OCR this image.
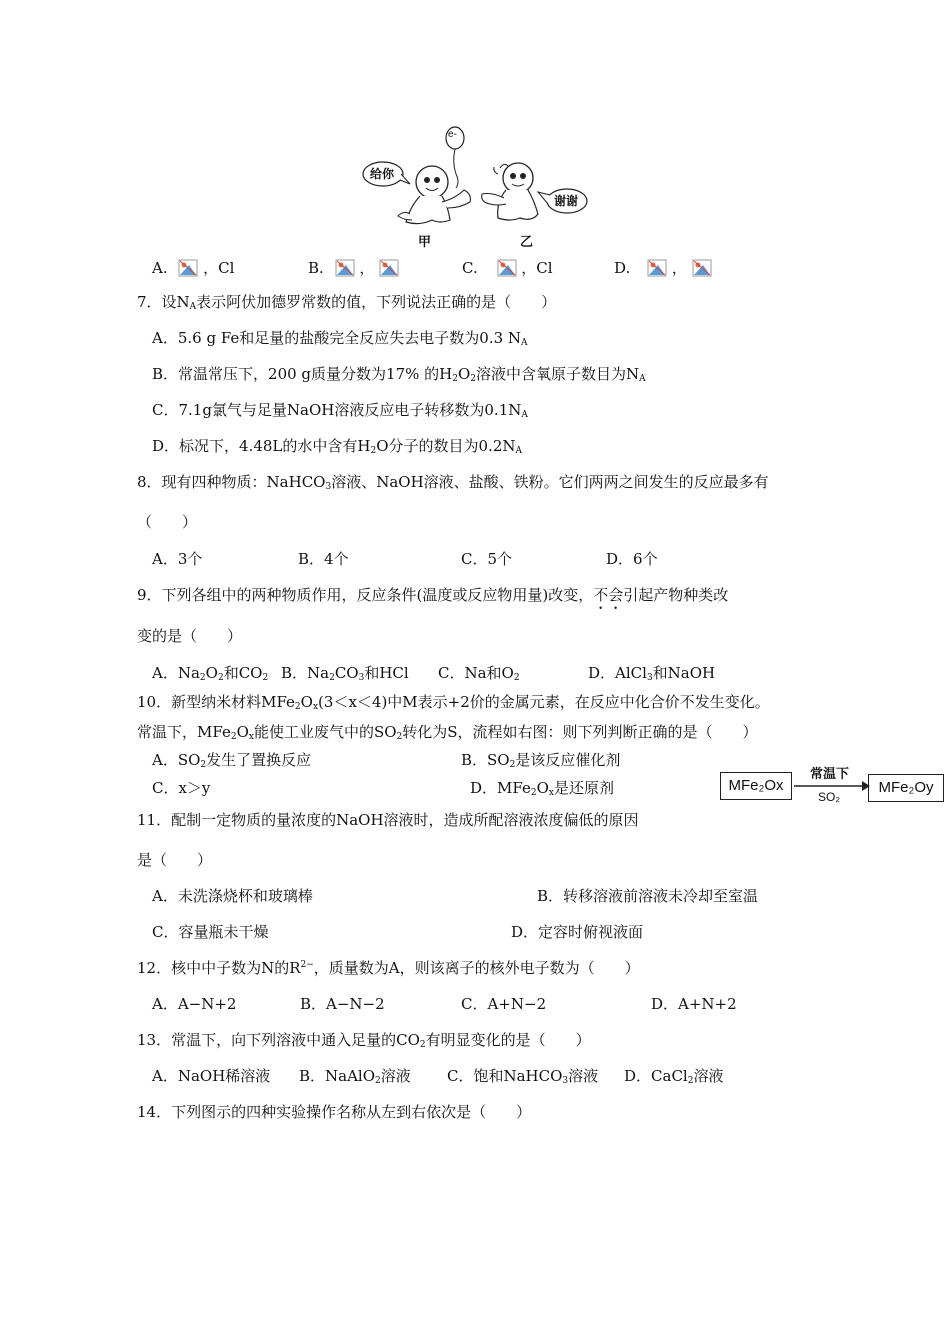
e-
给你
谢谢
甲	乙
A. ，Cl	B. ，	C.	，Cl	D.	，
7．设$N_A$表示阿伏加德罗常数的值，下列说法正确的是（　　）
A．5.6 g Fe和足量的盐酸完全反应失去电子数为0.3 $N_A$
B．常温常压下，200 g质量分数为17% 的$H_2O_2$溶液中含氧原子数目为$N_A$
C．7.1g氯气与足量NaOH溶液反应电子转移数为$0.1N_A$
D．标况下，4.48L的水中含有$H_2O$分子的数目为$0.2N_A$
8．现有四种物质：NaHCO$_3$溶液、NaOH溶液、盐酸、铁粉。它们两两之间发生的反应最多有
（　　）
A．3个	B．4个	C．5个	D．6个
9．下列各组中的两种物质作用，反应条件(温度或反应物用量)改变，不会引起产物种类改
变的是（　　）
A．$Na_2O_2$和$CO_2$ B．$Na_2CO_3$和HCl C．Na和$O_2$	D．AlCl$_3$和NaOH
10．新型纳米材料$MFe_2O_x(3<x<4)$中M表示+2价的金属元素，在反应中化合价不发生变化。
常温下，$MFe_2O_x$能使工业废气中的$SO_2$转化为S，流程如右图：则下列判断正确的是（　　）
A．$SO_2$发生了置换反应	B．$SO_2$是该反应催化剂
C．x＞y	D．$MFe_2O_x$是还原剂	MFe₂Ox	MFe₂Oy
常温下
SO₂
11．配制一定物质的量浓度的NaOH溶液时，造成所配溶液浓度偏低的原因
是（　　）
A．未洗涤烧杯和玻璃棒	B．转移溶液前溶液未冷却至室温
C．容量瓶未干燥	D．定容时俯视液面
12．核中中子数为N的$R^{2-}$，质量数为A，则该离子的核外电子数为（　　）
A．A−N+2	B．A−N−2	C．A+N−2	D．A+N+2
13．常温下，向下列溶液中通入足量的$CO_2$有明显变化的是（　　）
A．NaOH稀溶液 B．NaAlO$_2$溶液 C．饱和NaHCO$_3$溶液 D．CaCl$_2$溶液
14．下列图示的四种实验操作名称从左到右依次是（　　）
